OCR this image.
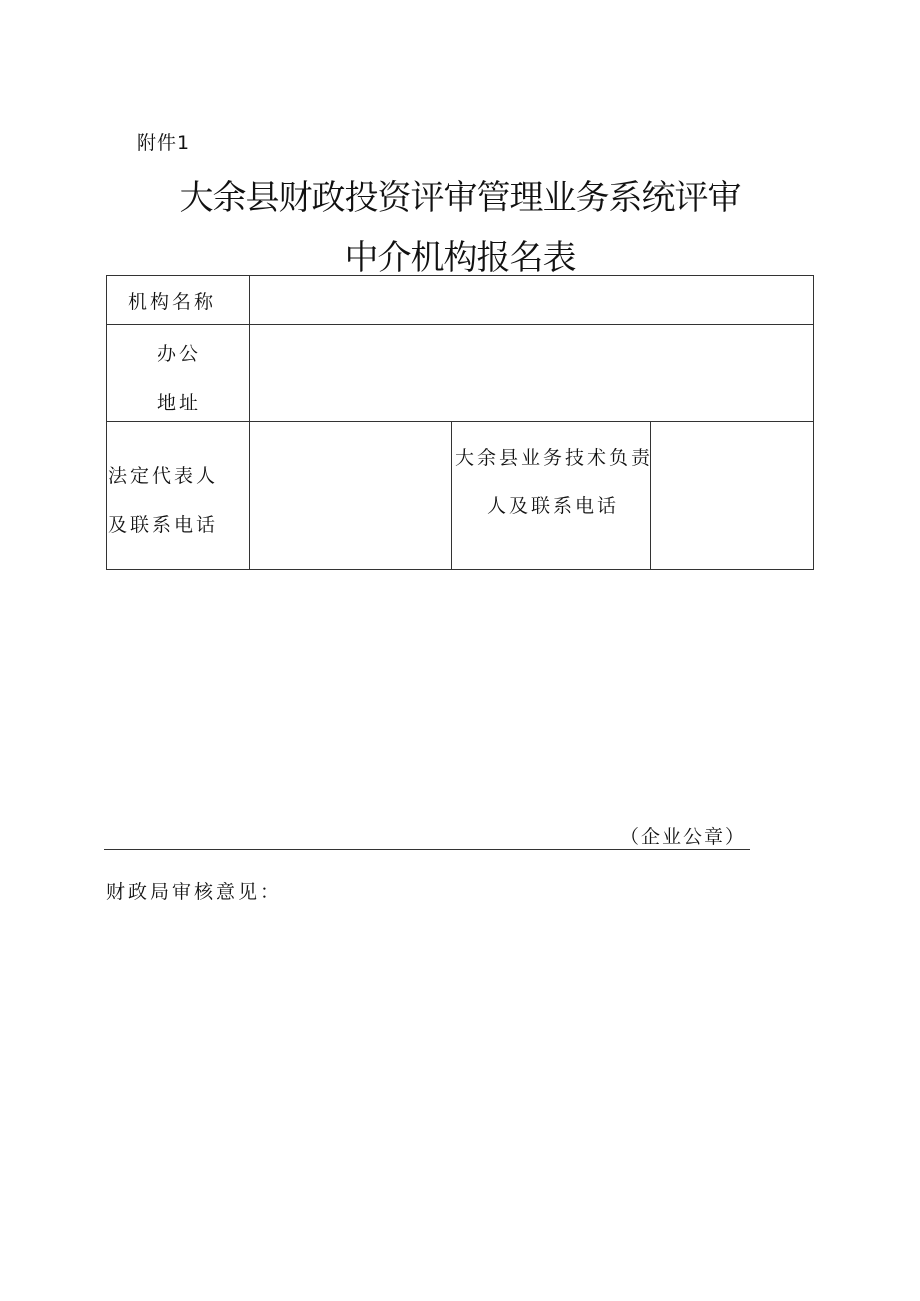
附件1
大余县财政投资评审管理业务系统评审
中介机构报名表
机构名称
办公
地址
法定代表人
及联系电话
大余县业务技术负责
人及联系电话
（企业公章）
财政局审核意见：
